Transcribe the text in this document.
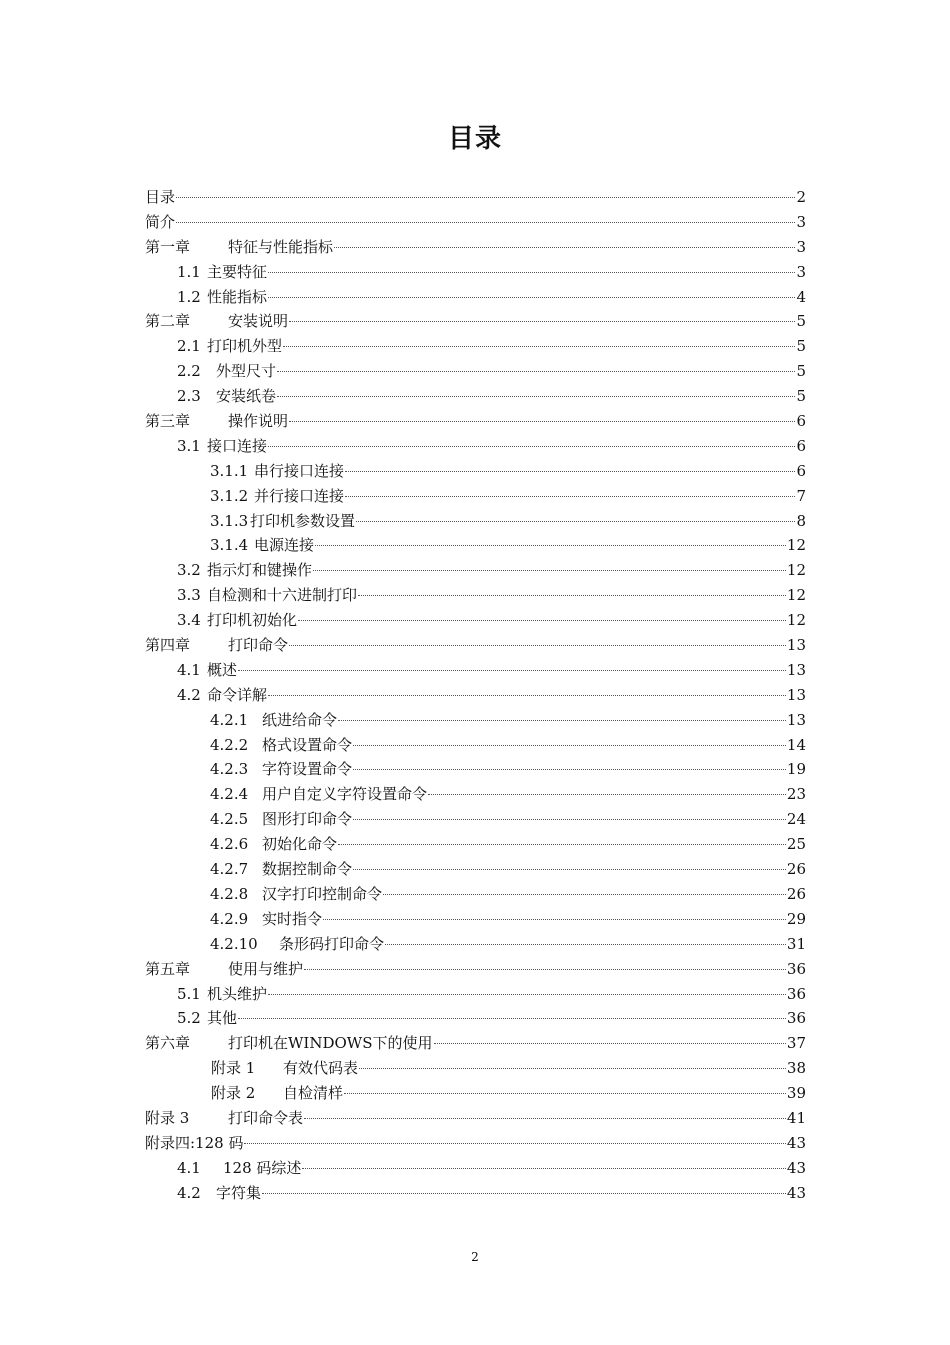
目录
目录	2
简介	3
第一章	特征与性能指标	3
1.1 主要特征	3
1.2 性能指标	4
第二章	安装说明	5
2.1 打印机外型	5
2.2	外型尺寸	5
2.3	安装纸卷	5
第三章	操作说明	6
3.1 接口连接	6
3.1.1 串行接口连接	6
3.1.2 并行接口连接	7
3.1.3 打印机参数设置	8
3.1.4 电源连接	12
3.2 指示灯和键操作	12
3.3 自检测和十六进制打印	12
3.4 打印机初始化	12
第四章	打印命令	13
4.1 概述	13
4.2 命令详解	13
4.2.1 纸进给命令	13
4.2.2 格式设置命令	14
4.2.3 字符设置命令	19
4.2.4 用户自定义字符设置命令	23
4.2.5 图形打印命令	24
4.2.6 初始化命令	25
4.2.7 数据控制命令	26
4.2.8 汉字打印控制命令	26
4.2.9 实时指令	29
4.2.10	条形码打印命令	31
第五章	使用与维护	36
5.1 机头维护	36
5.2 其他	36
第六章	打印机在WINDOWS下的使用	37
附录 1	有效代码表	38
附录 2	自检清样	39
附录 3	打印命令表	41
附录四:128 码	43
4.1	128 码综述	43
4.2	字符集	43
2
